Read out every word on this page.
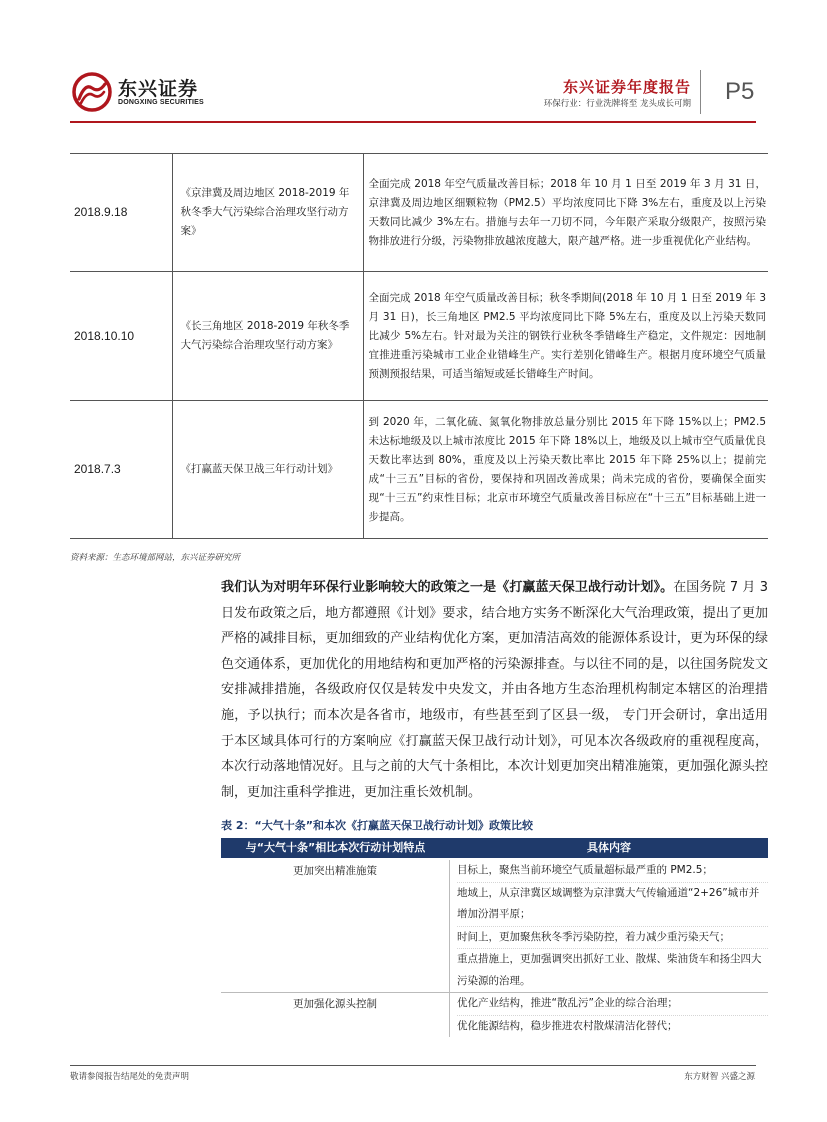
东兴证券
DONGXING SECURITIES
东兴证券年度报告
环保行业：行业洗牌将至 龙头成长可期 P5
2018.9.18	《京津冀及周边地区 2018-2019 年秋冬季大气污染综合治理攻坚行动方案》	全面完成 2018 年空气质量改善目标；2018 年 10 月 1 日至 2019 年 3 月 31 日，京津冀及周边地区细颗粒物（PM2.5）平均浓度同比下降 3%左右，重度及以上污染天数同比减少 3%左右。措施与去年一刀切不同，今年限产采取分级限产，按照污染物排放进行分级，污染物排放越浓度越大，限产越严格。进一步重视优化产业结构。
2018.10.10	《长三角地区 2018-2019 年秋冬季大气污染综合治理攻坚行动方案》	全面完成 2018 年空气质量改善目标；秋冬季期间(2018 年 10 月 1 日至 2019 年 3 月 31 日)，长三角地区 PM2.5 平均浓度同比下降 5%左右，重度及以上污染天数同比减少 5%左右。针对最为关注的钢铁行业秋冬季错峰生产稳定，文件规定：因地制宜推进重污染城市工业企业错峰生产。实行差别化错峰生产。根据月度环境空气质量预测预报结果，可适当缩短或延长错峰生产时间。
2018.7.3	《打赢蓝天保卫战三年行动计划》	到 2020 年，二氧化硫、氮氧化物排放总量分别比 2015 年下降 15%以上；PM2.5 未达标地级及以上城市浓度比 2015 年下降 18%以上，地级及以上城市空气质量优良天数比率达到 80%，重度及以上污染天数比率比 2015 年下降 25%以上；提前完成“十三五”目标的省份，要保持和巩固改善成果；尚未完成的省份，要确保全面实现“十三五”约束性目标；北京市环境空气质量改善目标应在“十三五”目标基础上进一步提高。
资料来源：生态环境部网站，东兴证券研究所
我们认为对明年环保行业影响较大的政策之一是《打赢蓝天保卫战行动计划》。在国务院 7 月 3 日发布政策之后，地方都遵照《计划》要求，结合地方实务不断深化大气治理政策，提出了更加严格的减排目标，更加细致的产业结构优化方案，更加清洁高效的能源体系设计，更为环保的绿色交通体系，更加优化的用地结构和更加严格的污染源排查。与以往不同的是，以往国务院发文安排减排措施，各级政府仅仅是转发中央发文，并由各地方生态治理机构制定本辖区的治理措施，予以执行；而本次是各省市，地级市，有些甚至到了区县一级， 专门开会研讨，拿出适用于本区域具体可行的方案响应《打赢蓝天保卫战行动计划》，可见本次各级政府的重视程度高，本次行动落地情况好。且与之前的大气十条相比，本次计划更加突出精准施策，更加强化源头控制，更加注重科学推进，更加注重长效机制。
表 2：“大气十条”和本次《打赢蓝天保卫战行动计划》政策比较
与“大气十条”相比本次行动计划特点	具体内容
更加突出精准施策	目标上，聚焦当前环境空气质量超标最严重的 PM2.5；
地域上，从京津冀区域调整为京津冀大气传输通道“2+26”城市并增加汾渭平原；
时间上，更加聚焦秋冬季污染防控，着力减少重污染天气；
重点措施上，更加强调突出抓好工业、散煤、柴油货车和扬尘四大污染源的治理。
更加强化源头控制	优化产业结构，推进“散乱污”企业的综合治理；
优化能源结构，稳步推进农村散煤清洁化替代；
敬请参阅报告结尾处的免责声明	东方财智 兴盛之源
